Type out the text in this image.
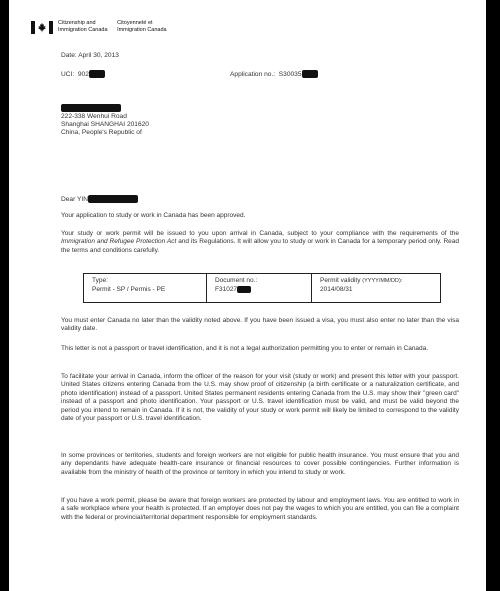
Citizenship and
Immigration Canada

Citoyenneté et
Immigration Canada
Date: April 30, 2013
UCI: 902	Application no.: S30035
222-338 Wenhui Road
Shanghai SHANGHAI 201620
China, People's Republic of
Dear YIN
Your application to study or work in Canada has been approved.
Your study or work permit will be issued to you upon arrival in Canada, subject to your compliance with the requirements of the Immigration and Refugee Protection Act and its Regulations. It will allow you to study or work in Canada for a temporary period only. Read the terms and conditions carefully.
Type:
Permit - SP / Permis - PE
Document no.:
F31027
Permit validity (YYYY/MM/DD):
2014/08/31
You must enter Canada no later than the validity noted above. If you have been issued a visa, you must also enter no later than the visa validity date.
This letter is not a passport or travel identification, and it is not a legal authorization permitting you to enter or remain in Canada.
To facilitate your arrival in Canada, inform the officer of the reason for your visit (study or work) and present this letter with your passport. United States citizens entering Canada from the U.S. may show proof of citizenship (a birth certificate or a naturalization certificate, and photo identification) instead of a passport. United States permanent residents entering Canada from the U.S. may show their "green card" instead of a passport and photo identification. Your passport or U.S. travel identification must be valid, and must be valid beyond the period you intend to remain in Canada. If it is not, the validity of your study or work permit will likely be limited to correspond to the validity date of your passport or U.S. travel identification.
In some provinces or territories, students and foreign workers are not eligible for public health insurance. You must ensure that you and any dependants have adequate health-care insurance or financial resources to cover possible contingencies. Further information is available from the ministry of health of the province or territory in which you intend to study or work.
If you have a work permit, please be aware that foreign workers are protected by labour and employment laws. You are entitled to work in a safe workplace where your health is protected. If an employer does not pay the wages to which you are entitled, you can file a complaint with the federal or provincial/territorial department responsible for employment standards.
